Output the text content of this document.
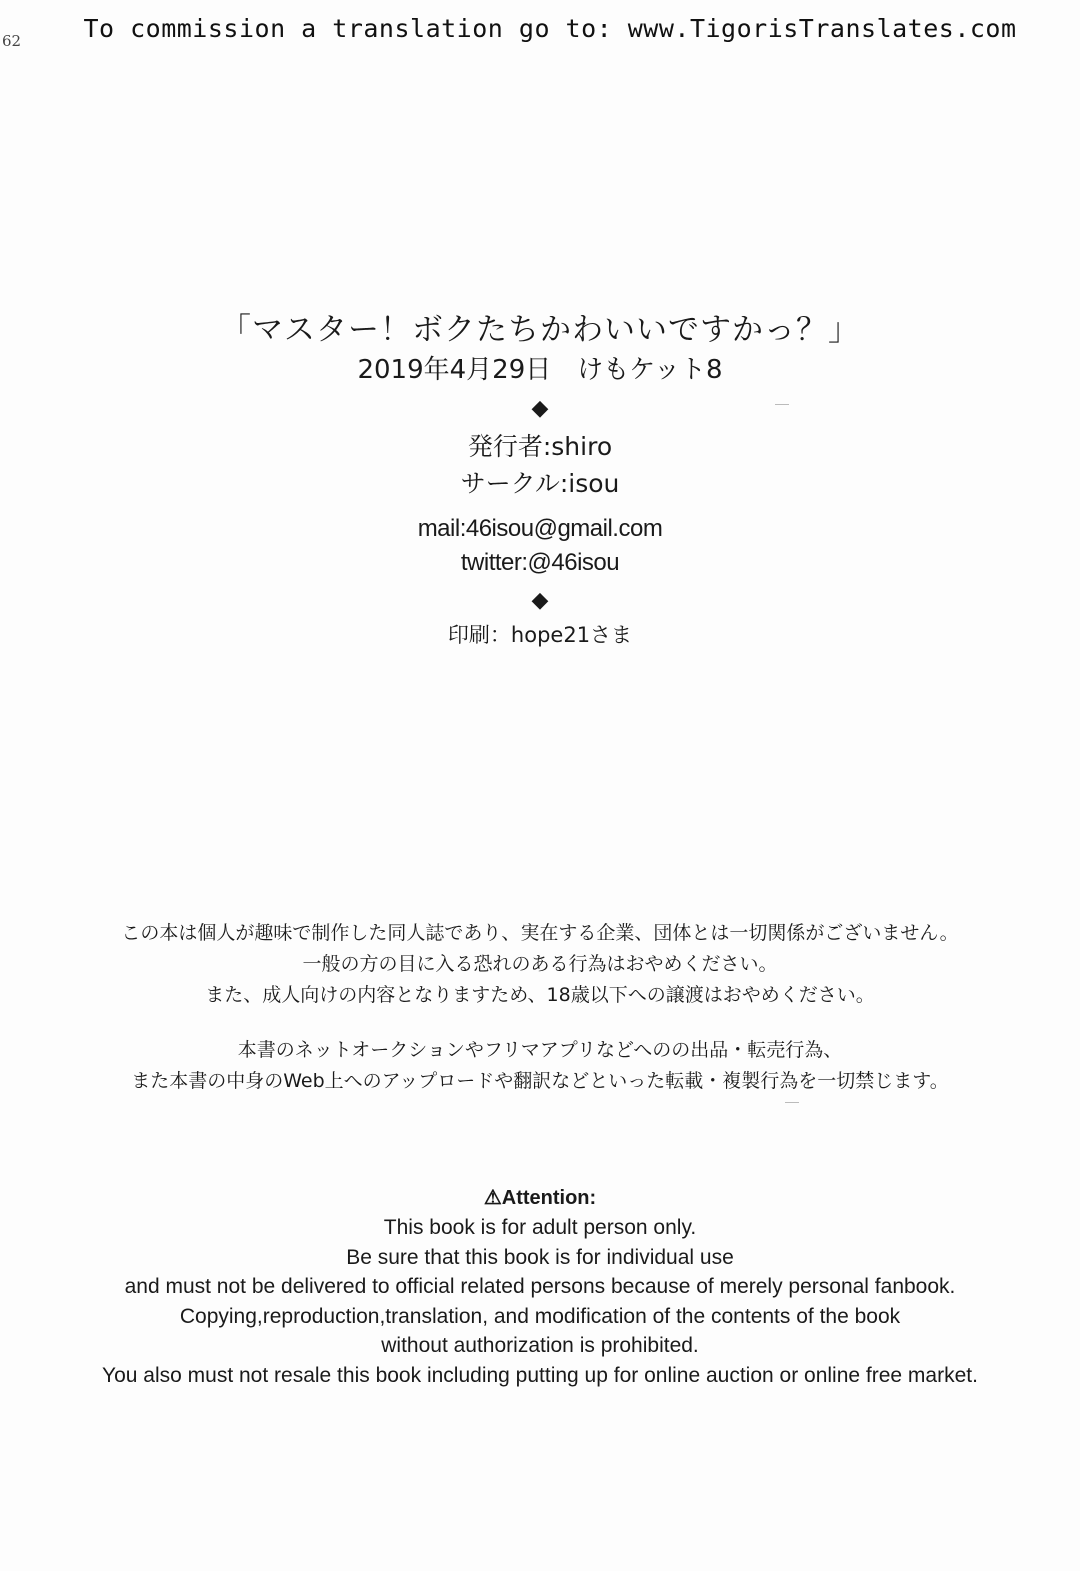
62	To commission a translation go to: www.TigorisTranslates.com
「マスター！ボクたちかわいいですかっ？」
2019年4月29日　けもケット8
◆
発行者:shiro
サークル:isou
mail:46isou@gmail.com
twitter:@46isou
◆
印刷：hope21さま

この本は個人が趣味で制作した同人誌であり、実在する企業、団体とは一切関係がございません。

一般の方の目に入る恐れのある行為はおやめください。

また、成人向けの内容となりますため、18歳以下への譲渡はおやめください。

本書のネットオークションやフリマアプリなどへのの出品・転売行為、

また本書の中身のWeb上へのアップロードや翻訳などといった転載・複製行為を一切禁じます。

⚠Attention:

This book is for adult person only.

Be sure that this book is for individual use

and must not be delivered to official related persons because of merely personal fanbook.

Copying,reproduction,translation, and modification of the contents of the book

without authorization is prohibited.

You also must not resale this book including putting up for online auction or online free market.
